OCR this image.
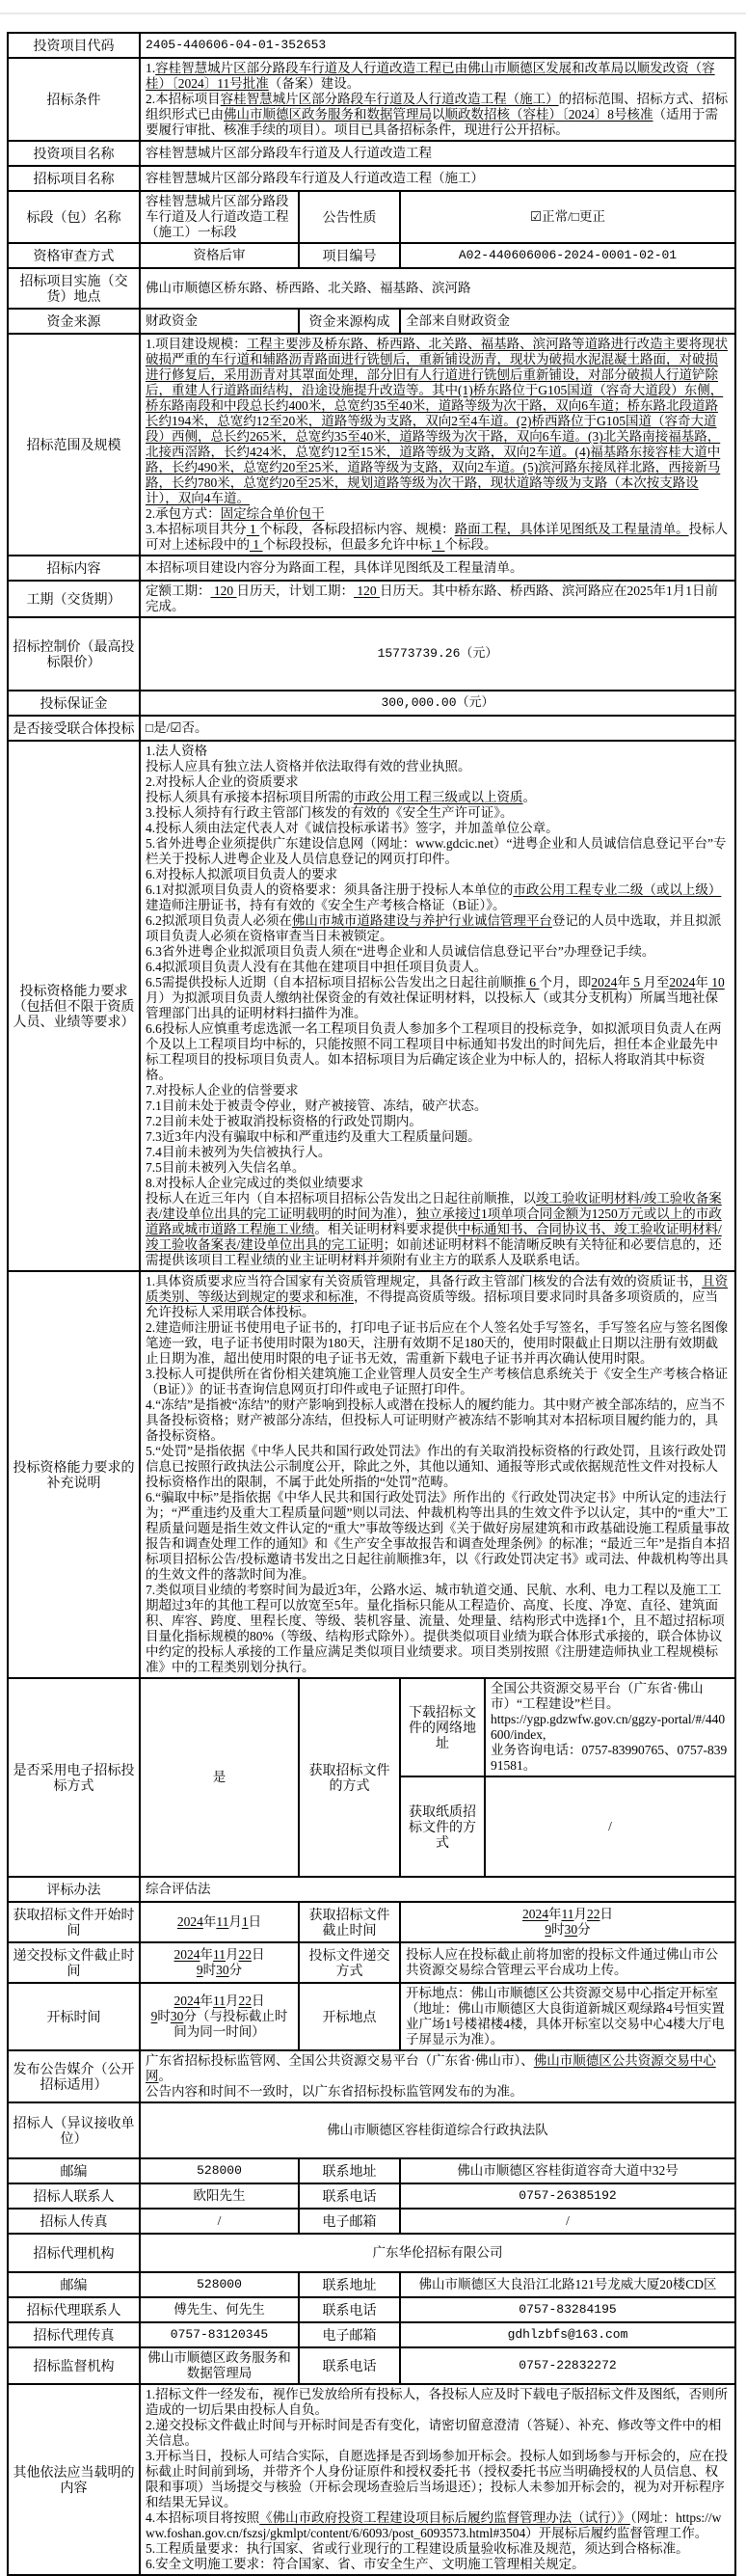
投资项目代码	2405-440606-04-01-352653			
招标条件	1.容桂智慧城片区部分路段车行道及人行道改造工程已由佛山市顺德区发展和改革局以顺发改资（容桂）〔2024〕11号批准（备案）建设。
2.本招标项目容桂智慧城片区部分路段车行道及人行道改造工程（施工）的招标范围、招标方式、招标组织形式已由佛山市顺德区政务服务和数据管理局以顺政数招核（容桂）〔2024〕8号核准（适用于需要履行审批、核准手续的项目）。项目已具备招标条件，现进行公开招标。			

投资项目名称	容桂智慧城片区部分路段车行道及人行道改造工程			
招标项目名称	容桂智慧城片区部分路段车行道及人行道改造工程（施工）			
标段（包）名称	容桂智慧城片区部分路段车行道及人行道改造工程（施工）一标段	公告性质	☑正常/□更正	
资格审查方式	资格后审	项目编号	A02-440606006-2024-0001-02-01	
招标项目实施（交货）地点	佛山市顺德区桥东路、桥西路、北关路、福基路、滨河路			
资金来源	财政资金	资金来源构成	全部来自财政资金	
招标范围及规模	1.项目建设规模：工程主要涉及桥东路、桥西路、北关路、福基路、滨河路等道路进行改造主要将现状破损严重的车行道和辅路沥青路面进行铣刨后，重新铺设沥青，现状为破损水泥混凝土路面，对破损进行修复后，采用沥青对其罩面处理，部分旧有人行道进行铣刨后重新铺设，对部分破损人行道铲除后，重建人行道路面结构，沿途设施提升改造等。其中(1)桥东路位于G105国道（容奇大道段）东侧，桥东路南段和中段总长约400米，总宽约35至40米，道路等级为次干路，双向6车道；桥东路北段道路长约194米，总宽约12至20米，道路等级为支路，双向2至4车道。(2)桥西路位于G105国道（容奇大道段）西侧，总长约265米，总宽约35至40米，道路等级为次干路，双向6车道。(3)北关路南接福基路，北接西滘路，长约424米，总宽约12至15米，道路等级为支路，双向2车道。(4)福基路东接容桂大道中路，长约490米，总宽约20至25米，道路等级为支路，双向2车道。(5)滨河路东接凤祥北路，西接新马路，长约780米，总宽约20至25米，规划道路等级为次干路，现状道路等级为支路（本次按支路设计），双向4车道。
2.承包方式：固定综合单价包干
3.本招标项目共分 1 个标段，各标段招标内容、规模：路面工程，具体详见图纸及工程量清单。投标人可对上述标段中的 1 个标段投标，但最多允许中标 1 个标段。			

招标内容	本招标项目建设内容分为路面工程，具体详见图纸及工程量清单。			
工期（交货期）	定额工期： 120 日历天，计划工期： 120 日历天。其中桥东路、桥西路、滨河路应在2025年1月1日前完成。			

招标控制价（最高投标限价）	15773739.26（元）			
投标保证金	300,000.00（元）			
是否接受联合体投标	□是/☑否。			
投标资格能力要求（包括但不限于资质人员、业绩等要求）	
1.法人资格
投标人应具有独立法人资格并依法取得有效的营业执照。
2.对投标人企业的资质要求
投标人须具有承接本招标项目所需的市政公用工程三级或以上资质。
3.投标人须持有行政主管部门核发的有效的《安全生产许可证》。
4.投标人须由法定代表人对《诚信投标承诺书》签字，并加盖单位公章。
5.省外进粤企业须提供广东建设信息网（网址：www.gdcic.net）“进粤企业和人员诚信信息登记平台”专栏关于投标人进粤企业及人员信息登记的网页打印件。
6.对投标人拟派项目负责人的要求
6.1对拟派项目负责人的资格要求：须具备注册于投标人本单位的市政公用工程专业二级（或以上级）建造师注册证书，持有有效的《安全生产考核合格证（B证）》。
6.2拟派项目负责人必须在佛山市城市道路建设与养护行业诚信管理平台登记的人员中选取，并且拟派项目负责人必须在资格审查当日未被锁定。
6.3省外进粤企业拟派项目负责人须在“进粤企业和人员诚信信息登记平台”办理登记手续。
6.4拟派项目负责人没有在其他在建项目中担任项目负责人。
6.5需提供投标人近期（自本招标项目招标公告发出之日起往前顺推 6 个月，即2024年 5 月至2024年 10 月）为拟派项目负责人缴纳社保资金的有效社保证明材料，以投标人（或其分支机构）所属当地社保管理部门出具的证明材料扫描件为准。
6.6投标人应慎重考虑选派一名工程项目负责人参加多个工程项目的投标竞争，如拟派项目负责人在两个及以上工程项目均中标的，只能按照不同工程项目中标通知书发出的时间先后，担任本企业最先中标工程项目的投标项目负责人。如本招标项目为后确定该企业为中标人的，招标人将取消其中标资格。
7.对投标人企业的信誉要求
7.1目前未处于被责令停业，财产被接管、冻结，破产状态。
7.2目前未处于被取消投标资格的行政处罚期内。
7.3近3年内没有骗取中标和严重违约及重大工程质量问题。
7.4目前未被列为失信被执行人。
7.5目前未被列入失信名单。
8.对投标人企业完成过的类似业绩要求
投标人在近三年内（自本招标项目招标公告发出之日起往前顺推，以竣工验收证明材料/竣工验收备案表/建设单位出具的完工证明载明的时间为准），独立承接过1项单项合同金额为1250万元或以上的市政道路或城市道路工程施工业绩。相关证明材料要求提供中标通知书、合同协议书、竣工验收证明材料/竣工验收备案表/建设单位出具的完工证明；如前述证明材料不能清晰反映有关特征和必要信息的，还需提供该项目工程业绩的业主证明材料并须附有业主方的联系人及联系电话。

投标资格能力要求的补充说明	
1.具体资质要求应当符合国家有关资质管理规定，具备行政主管部门核发的合法有效的资质证书，且资质类别、等级达到规定的要求和标准，不得提高资质等级。招标项目要求同时具备多项资质的，应当允许投标人采用联合体投标。
2.建造师注册证书使用电子证书的，打印电子证书后应在个人签名处手写签名，手写签名应与签名图像笔迹一致，电子证书使用时限为180天，注册有效期不足180天的，使用时限截止日期以注册有效期截止日期为准，超出使用时限的电子证书无效，需重新下载电子证书并再次确认使用时限。
3.投标人可提供所在省份相关建筑施工企业管理人员安全生产考核信息系统关于《安全生产考核合格证（B证）》的证书查询信息网页打印件或电子证照打印件。
4.“冻结”是指被“冻结”的财产影响到投标人或潜在投标人的履约能力。其中财产被全部冻结的，应当不具备投标资格；财产被部分冻结，但投标人可证明财产被冻结不影响其对本招标项目履约能力的，具备投标资格。
5.“处罚”是指依据《中华人民共和国行政处罚法》作出的有关取消投标资格的行政处罚，且该行政处罚信息已按照行政执法公示制度公开，除此之外，其他以通知、通报等形式或依据规范性文件对投标人投标资格作出的限制，不属于此处所指的“处罚”范畴。
6.“骗取中标”是指依据《中华人民共和国行政处罚法》所作出的《行政处罚决定书》中所认定的违法行为；“严重违约及重大工程质量问题”则以司法、仲裁机构等出具的生效文件予以认定，其中的“重大”工程质量问题是指生效文件认定的“重大”事故等级达到《关于做好房屋建筑和市政基础设施工程质量事故报告和调查处理工作的通知》和《生产安全事故报告和调查处理条例》的标准；“最近三年”是指自本招标项目招标公告/投标邀请书发出之日起往前顺推3年，以《行政处罚决定书》或司法、仲裁机构等出具的生效文件的落款时间为准。
7.类似项目业绩的考察时间为最近3年，公路水运、城市轨道交通、民航、水利、电力工程以及施工工期超过3年的其他工程可以放宽至5年。量化指标只能从工程造价、高度、长度、净宽、直径、建筑面积、库容、跨度、里程长度、等级、装机容量、流量、处理量、结构形式中选择1个，且不超过招标项目量化指标规模的80%（等级、结构形式除外）。提供类似项目业绩为联合体形式承接的，联合体协议中约定的投标人承接的工作量应满足类似项目业绩要求。项目类别按照《注册建造师执业工程规模标准》中的工程类别划分执行。

是否采用电子招标投标方式	是	获取招标文件的方式	下载招标文件的网络地址	全国公共资源交易平台（广东省·佛山市）“工程建设”栏目。
https://ygp.gdzwfw.gov.cn/ggzy-portal/#/440600/index,
业务咨询电话：0757-83990765、0757-83991581。

			获取纸质招标文件的方式	/
评标办法	综合评估法			
获取招标文件开始时间	2024年11月1日	获取招标文件截止时间	2024年11月22日
9时30分	

递交投标文件截止时间	2024年11月22日
9时30分	投标文件递交方式	投标人应在投标截止前将加密的投标文件通过佛山市公共资源交易综合管理云平台成功上传。	
开标时间	2024年11月22日
9时30分（与投标截止时间为同一时间）	开标地点	开标地点：佛山市顺德区公共资源交易中心指定开标室（地址：佛山市顺德区大良街道新城区观绿路4号恒实置业广场1号楼裙楼4楼，具体开标室以交易中心4楼大厅电子屏显示为准）。	
发布公告媒介（公开招标适用）	广东省招标投标监管网、全国公共资源交易平台（广东省·佛山市）、佛山市顺德区公共资源交易中心网。
公告内容和时间不一致时，以广东省招标投标监管网发布的为准。			

招标人（异议接收单位）	佛山市顺德区容桂街道综合行政执法队			
邮编	528000	联系地址	佛山市顺德区容桂街道容奇大道中32号	
招标人联系人	欧阳先生	联系电话	0757-26385192	
招标人传真	/	电子邮箱	/	
招标代理机构	广东华伦招标有限公司			
邮编	528000	联系地址	佛山市顺德区大良沿江北路121号龙威大厦20楼CD区	
招标代理联系人	傅先生、何先生	联系电话	0757-83284195	
招标代理传真	0757-83120345	电子邮箱	gdhlzbfs@163.com	
招标监督机构	佛山市顺德区政务服务和数据管理局	联系电话	0757-22832272	
其他依法应当载明的内容	
1.招标文件一经发布，视作已发放给所有投标人，各投标人应及时下载电子版招标文件及图纸，否则所造成的一切后果由投标人自负。
2.递交投标文件截止时间与开标时间是否有变化，请密切留意澄清（答疑）、补充、修改等文件中的相关信息。
3.开标当日，投标人可结合实际，自愿选择是否到场参加开标会。投标人如到场参与开标会的，应在投标截止时间前到场，并带齐个人身份证原件和授权委托书（授权委托书应当明确授权的人员信息、权限和事项）当场提交与核验（开标会现场查验后当场退还）；投标人未参加开标会的，视为对开标程序和结果无异议。
4.本招标项目将按照《佛山市政府投资工程建设项目标后履约监督管理办法（试行）》（网址：https://www.foshan.gov.cn/fszsj/gkmlpt/content/6/6093/post_6093573.html#3504）开展标后履约监督管理工作。
5.工程质量要求：执行国家、省或行业现行的工程建设质量验收标准及规范，须达到合格标准。
6.安全文明施工要求：符合国家、省、市安全生产、文明施工管理相关规定。
